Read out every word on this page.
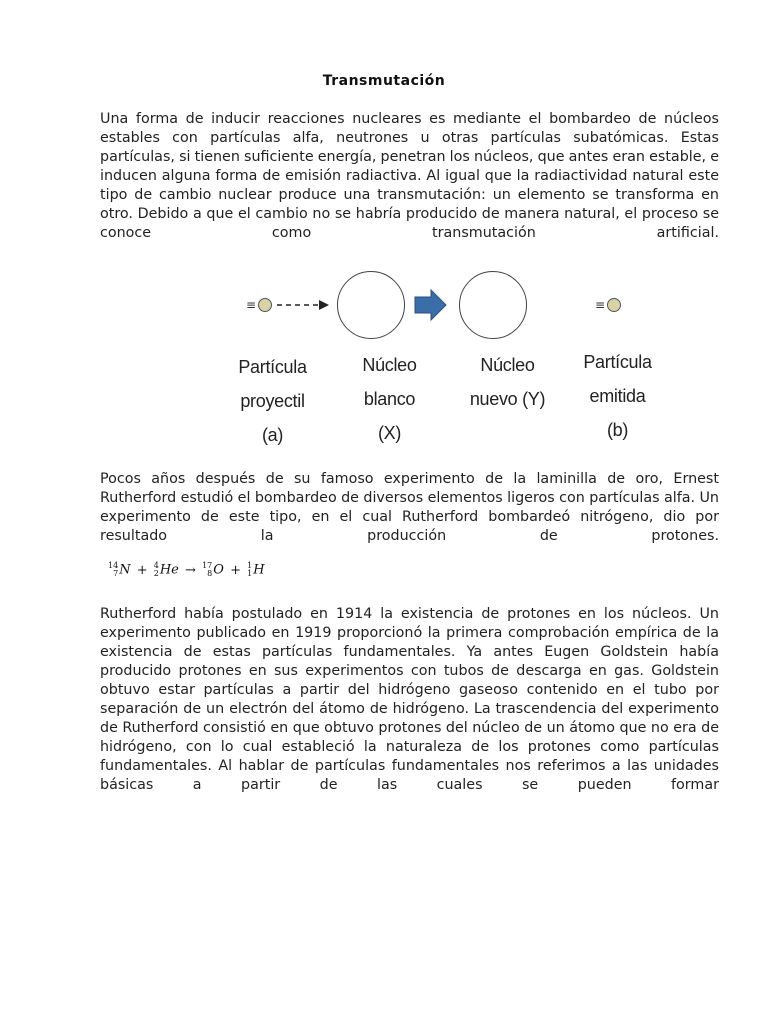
Transmutación

Una forma de inducir reacciones nucleares es mediante el bombardeo de núcleos estables con partículas alfa, neutrones u otras partículas subatómicas. Estas partículas, si tienen suficiente energía, penetran los núcleos, que antes eran estable, e inducen alguna forma de emisión radiactiva. Al igual que la radiactividad natural este tipo de cambio nuclear produce una transmutación: un elemento se transforma en otro. Debido a que el cambio no se habría producido de manera natural, el proceso se conoce como transmutación artificial.

≡	≡
Partícula
proyectil
(a)
Núcleo
blanco
(X)
Núcleo
nuevo (Y)
Partícula
emitida
(b)

Pocos años después de su famoso experimento de la laminilla de oro, Ernest Rutherford estudió el bombardeo de diversos elementos ligeros con partículas alfa. Un experimento de este tipo, en el cual Rutherford bombardeó nitrógeno, dio por resultado la producción de protones.

14
7 N + 4
2 He → 17
8 O + 1
1 H

Rutherford había postulado en 1914 la existencia de protones en los núcleos. Un experimento publicado en 1919 proporcionó la primera comprobación empírica de la existencia de estas partículas fundamentales. Ya antes Eugen Goldstein había producido protones en sus experimentos con tubos de descarga en gas. Goldstein obtuvo estar partículas a partir del hidrógeno gaseoso contenido en el tubo por separación de un electrón del átomo de hidrógeno. La trascendencia del experimento de Rutherford consistió en que obtuvo protones del núcleo de un átomo que no era de hidrógeno, con lo cual estableció la naturaleza de los protones como partículas fundamentales. Al hablar de partículas fundamentales nos referimos a las unidades básicas a partir de las cuales se pueden formar
